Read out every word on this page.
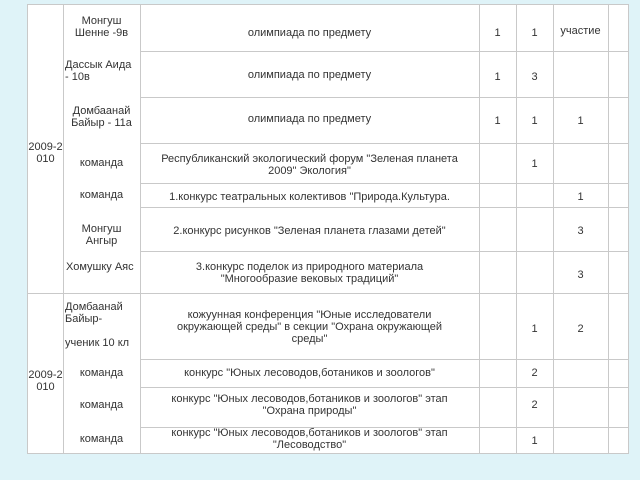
2009-2010
2009-2010
Монгуш
Шенне -9в
Дассык Аида
- 10в
Домбаанай
Байыр - 11а
команда
команда
Монгуш
Ангыр
Хомушку Аяс
Домбаанай
Байыр-

ученик 10 кл
команда
команда
команда
олимпиада по предмету
олимпиада по предмету
олимпиада по предмету
Республиканский экологический форум "Зеленая планета
2009" Экология"
1.конкурс театральных колективов "Природа.Культура.
2.конкурс рисунков "Зеленая планета глазами детей"
3.конкурс поделок из природного материала
"Многообразие вековых традиций"
кожуунная конференция "Юные исследователи
окружающей среды" в секции "Охрана окружающей
среды"
конкурс "Юных лесоводов,ботаников и зоологов"
конкурс "Юных лесоводов,ботаников и зоологов" этап
"Охрана природы"
конкурс "Юных лесоводов,ботаников и зоологов" этап
"Лесоводство"
1
1
1
1
3
1
1
1
2
2
1
участие
1
1
3
3
2
